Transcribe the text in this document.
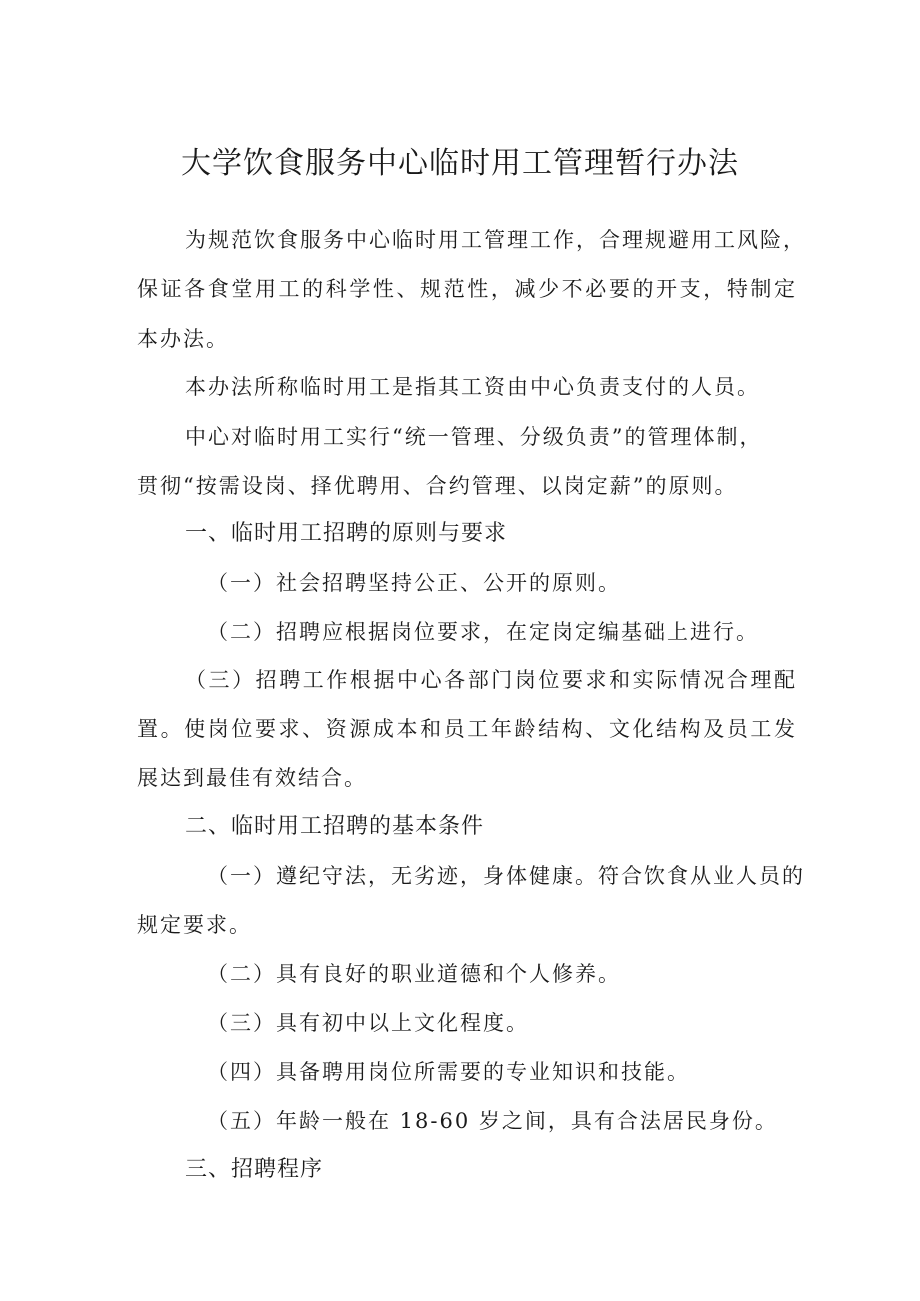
大学饮食服务中心临时用工管理暂行办法

为规范饮食服务中心临时用工管理工作，合理规避用工风险，

保证各食堂用工的科学性、规范性，减少不必要的开支，特制定

本办法。

本办法所称临时用工是指其工资由中心负责支付的人员。

中心对临时用工实行“统一管理、分级负责”的管理体制，

贯彻“按需设岗、择优聘用、合约管理、以岗定薪”的原则。

一、临时用工招聘的原则与要求

（一）社会招聘坚持公正、公开的原则。

（二）招聘应根据岗位要求，在定岗定编基础上进行。

（三）招聘工作根据中心各部门岗位要求和实际情况合理配

置。使岗位要求、资源成本和员工年龄结构、文化结构及员工发

展达到最佳有效结合。

二、临时用工招聘的基本条件

（一）遵纪守法，无劣迹，身体健康。符合饮食从业人员的

规定要求。

（二）具有良好的职业道德和个人修养。

（三）具有初中以上文化程度。

（四）具备聘用岗位所需要的专业知识和技能。

（五）年龄一般在 18-60 岁之间，具有合法居民身份。

三、招聘程序
